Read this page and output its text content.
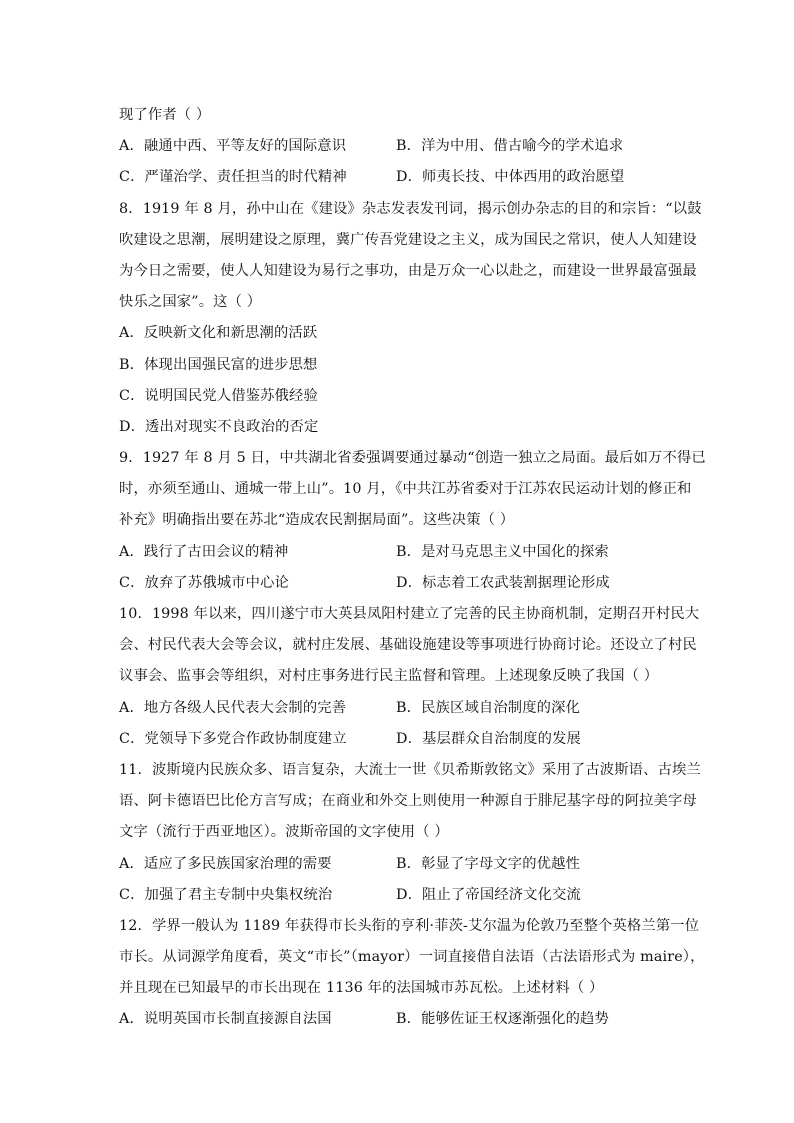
现了作者（ ）
A．融通中西、平等友好的国际意识	B．洋为中用、借古喻今的学术追求
C．严谨治学、责任担当的时代精神	D．师夷长技、中体西用的政治愿望
8．1919 年 8 月，孙中山在《建设》杂志发表发刊词，揭示创办杂志的目的和宗旨：“以鼓
吹建设之思潮，展明建设之原理，冀广传吾党建设之主义，成为国民之常识，使人人知建设
为今日之需要，使人人知建设为易行之事功，由是万众一心以赴之，而建设一世界最富强最
快乐之国家”。这（ ）
A．反映新文化和新思潮的活跃
B．体现出国强民富的进步思想
C．说明国民党人借鉴苏俄经验
D．透出对现实不良政治的否定
9．1927 年 8 月 5 日，中共湖北省委强调要通过暴动“创造一独立之局面。最后如万不得已
时，亦须至通山、通城一带上山”。10 月，《中共江苏省委对于江苏农民运动计划的修正和
补充》明确指出要在苏北“造成农民割据局面”。这些决策（ ）
A．践行了古田会议的精神	B．是对马克思主义中国化的探索
C．放弃了苏俄城市中心论	D．标志着工农武装割据理论形成
10．1998 年以来，四川遂宁市大英县凤阳村建立了完善的民主协商机制，定期召开村民大
会、村民代表大会等会议，就村庄发展、基础设施建设等事项进行协商讨论。还设立了村民
议事会、监事会等组织，对村庄事务进行民主监督和管理。上述现象反映了我国（ ）
A．地方各级人民代表大会制的完善	B．民族区域自治制度的深化
C．党领导下多党合作政协制度建立	D．基层群众自治制度的发展
11．波斯境内民族众多、语言复杂，大流士一世《贝希斯敦铭文》采用了古波斯语、古埃兰
语、阿卡德语巴比伦方言写成；在商业和外交上则使用一种源自于腓尼基字母的阿拉美字母
文字（流行于西亚地区）。波斯帝国的文字使用（ ）
A．适应了多民族国家治理的需要	B．彰显了字母文字的优越性
C．加强了君主专制中央集权统治	D．阻止了帝国经济文化交流
12．学界一般认为 1189 年获得市长头衔的亨利·菲茨-艾尔温为伦敦乃至整个英格兰第一位
市长。从词源学角度看，英文“市长”（mayor）一词直接借自法语（古法语形式为 maire），
并且现在已知最早的市长出现在 1136 年的法国城市苏瓦松。上述材料（ ）
A．说明英国市长制直接源自法国	B．能够佐证王权逐渐强化的趋势
